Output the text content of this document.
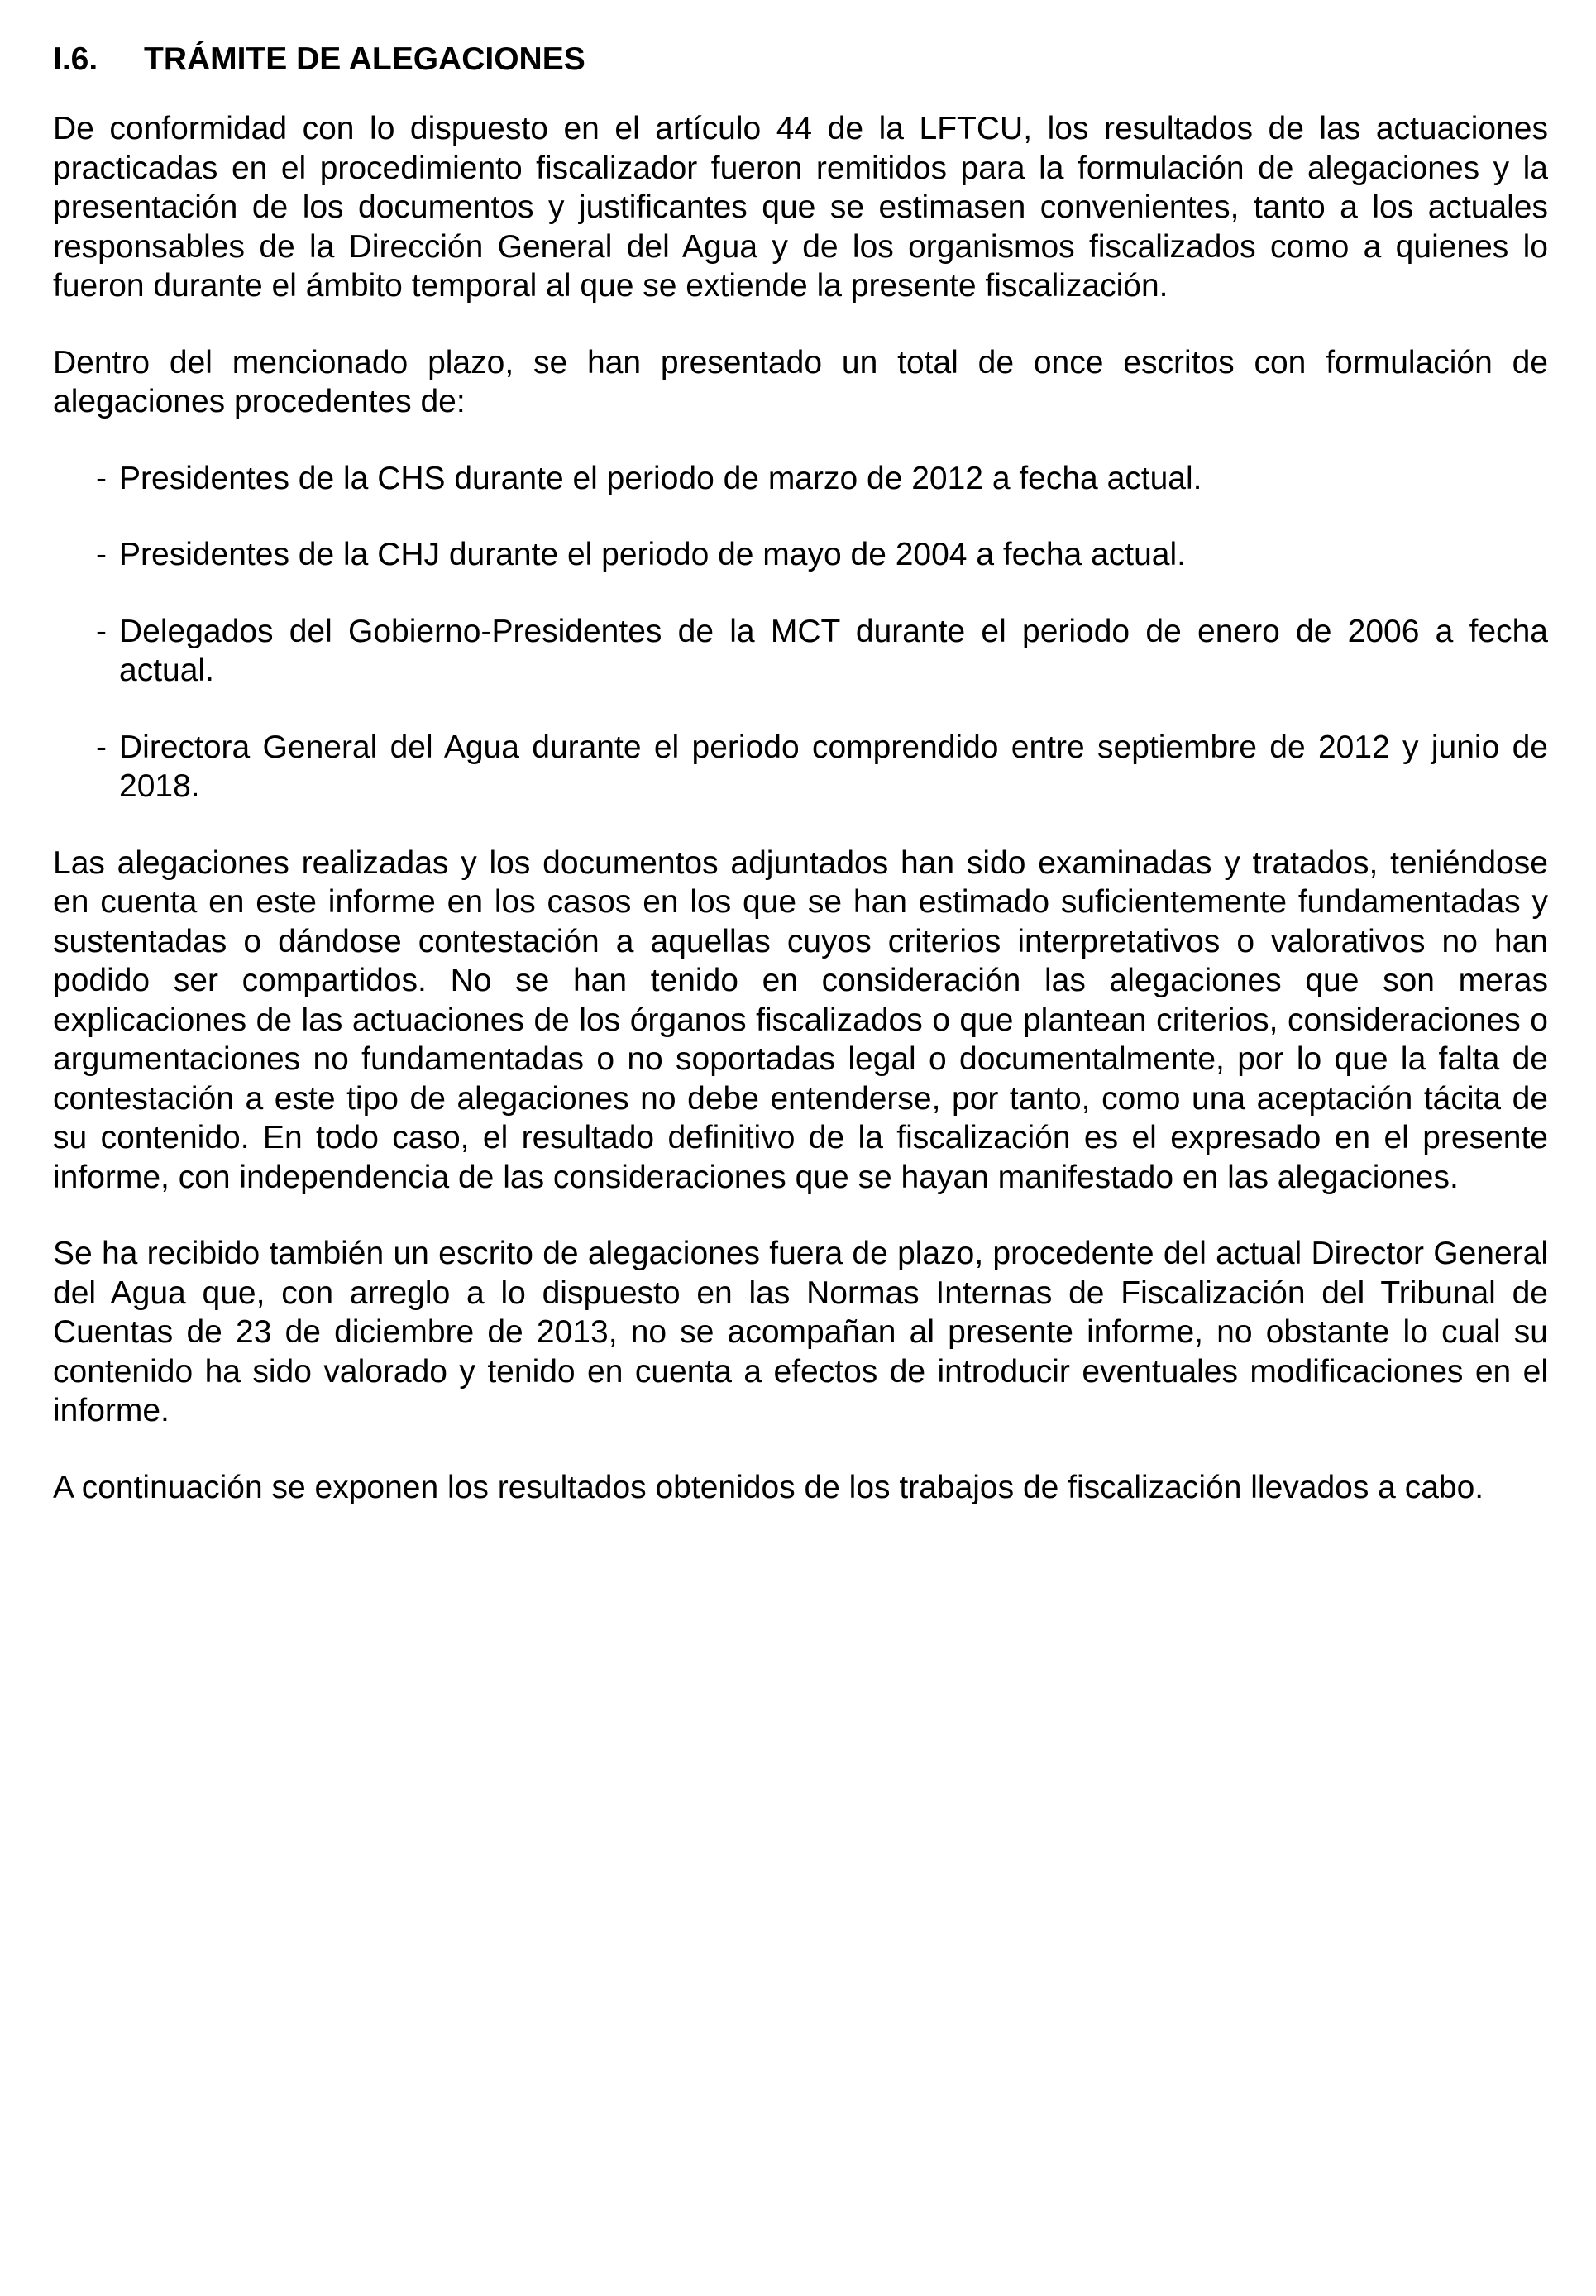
I.6.	TRÁMITE DE ALEGACIONES

De conformidad con lo dispuesto en el artículo 44 de la LFTCU, los resultados de las actuaciones practicadas en el procedimiento fiscalizador fueron remitidos para la formulación de alegaciones y la presentación de los documentos y justificantes que se estimasen convenientes, tanto a los actuales responsables de la Dirección General del Agua y de los organismos fiscalizados como a quienes lo fueron durante el ámbito temporal al que se extiende la presente fiscalización.

Dentro del mencionado plazo, se han presentado un total de once escritos con formulación de alegaciones procedentes de:

- Presidentes de la CHS durante el periodo de marzo de 2012 a fecha actual.
- Presidentes de la CHJ durante el periodo de mayo de 2004 a fecha actual.
- Delegados del Gobierno-Presidentes de la MCT durante el periodo de enero de 2006 a fecha actual.
- Directora General del Agua durante el periodo comprendido entre septiembre de 2012 y junio de 2018.

Las alegaciones realizadas y los documentos adjuntados han sido examinadas y tratados, teniéndose en cuenta en este informe en los casos en los que se han estimado suficientemente fundamentadas y sustentadas o dándose contestación a aquellas cuyos criterios interpretativos o valorativos no han podido ser compartidos. No se han tenido en consideración las alegaciones que son meras explicaciones de las actuaciones de los órganos fiscalizados o que plantean criterios, consideraciones o argumentaciones no fundamentadas o no soportadas legal o documentalmente, por lo que la falta de contestación a este tipo de alegaciones no debe entenderse, por tanto, como una aceptación tácita de su contenido. En todo caso, el resultado definitivo de la fiscalización es el expresado en el presente informe, con independencia de las consideraciones que se hayan manifestado en las alegaciones.

Se ha recibido también un escrito de alegaciones fuera de plazo, procedente del actual Director General del Agua que, con arreglo a lo dispuesto en las Normas Internas de Fiscalización del Tribunal de Cuentas de 23 de diciembre de 2013, no se acompañan al presente informe, no obstante lo cual su contenido ha sido valorado y tenido en cuenta a efectos de introducir eventuales modificaciones en el informe.

A continuación se exponen los resultados obtenidos de los trabajos de fiscalización llevados a cabo.
